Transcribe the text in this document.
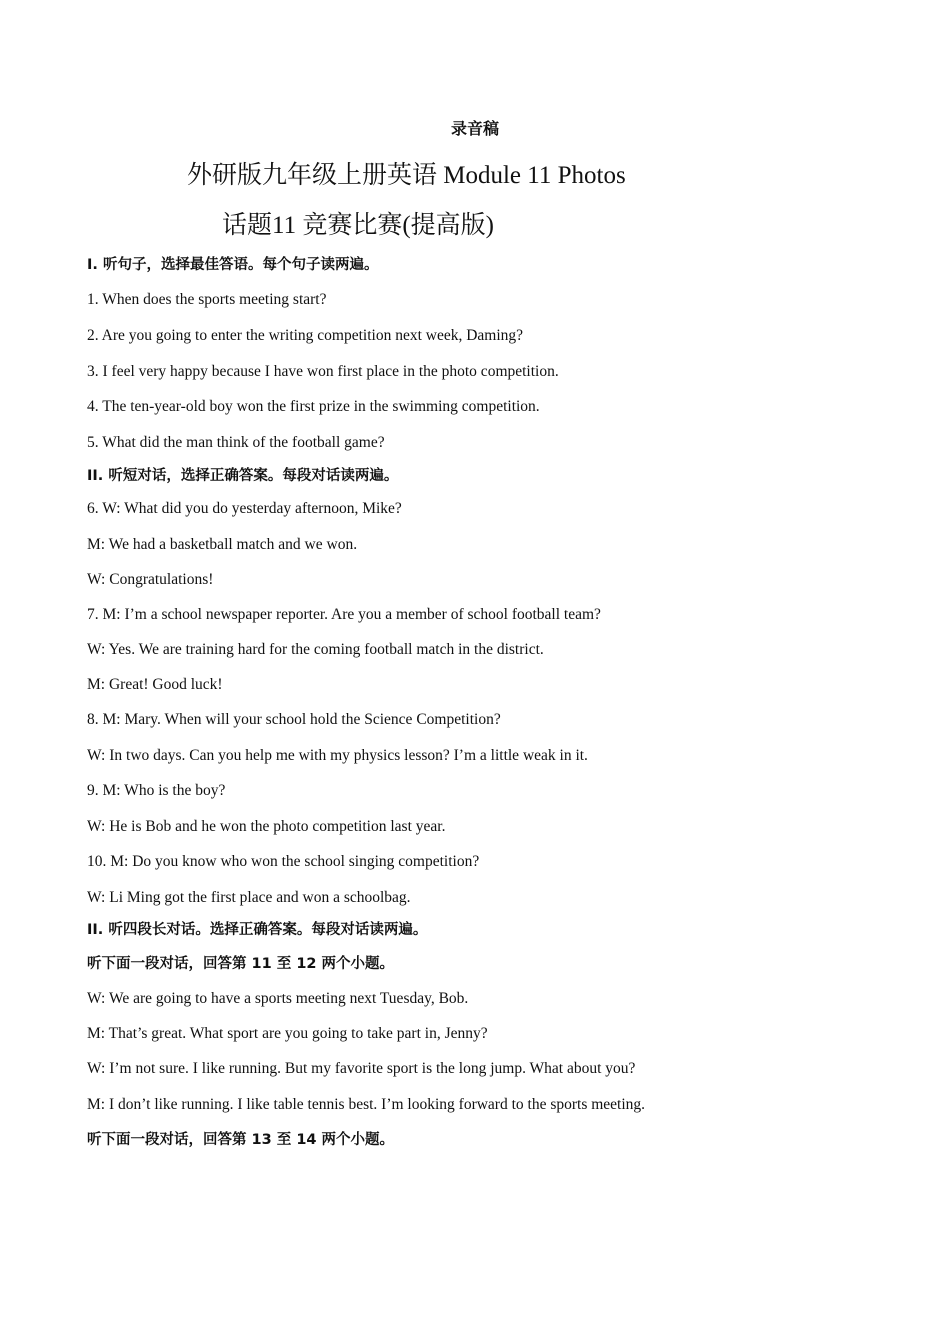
录音稿
外研版九年级上册英语 Module 11 Photos
话题11 竞赛比赛(提高版)
Ⅰ. 听句子，选择最佳答语。每个句子读两遍。
1. When does the sports meeting start?
2. Are you going to enter the writing competition next week, Daming?
3. I feel very happy because I have won first place in the photo competition.
4. The ten-year-old boy won the first prize in the swimming competition.
5. What did the man think of the football game?
II. 听短对话，选择正确答案。每段对话读两遍。
6. W: What did you do yesterday afternoon, Mike?
M: We had a basketball match and we won.
W: Congratulations!
7. M: I’m a school newspaper reporter. Are you a member of school football team?
W: Yes. We are training hard for the coming football match in the district.
M: Great! Good luck!
8. M: Mary. When will your school hold the Science Competition?
W: In two days. Can you help me with my physics lesson? I’m a little weak in it.
9. M: Who is the boy?
W: He is Bob and he won the photo competition last year.
10. M: Do you know who won the school singing competition?
W: Li Ming got the first place and won a schoolbag.
II. 听四段长对话。选择正确答案。每段对话读两遍。
听下面一段对话，回答第 11 至 12 两个小题。
W: We are going to have a sports meeting next Tuesday, Bob.
M: That’s great. What sport are you going to take part in, Jenny?
W: I’m not sure. I like running. But my favorite sport is the long jump. What about you?
M: I don’t like running. I like table tennis best. I’m looking forward to the sports meeting.
听下面一段对话，回答第 13 至 14 两个小题。
